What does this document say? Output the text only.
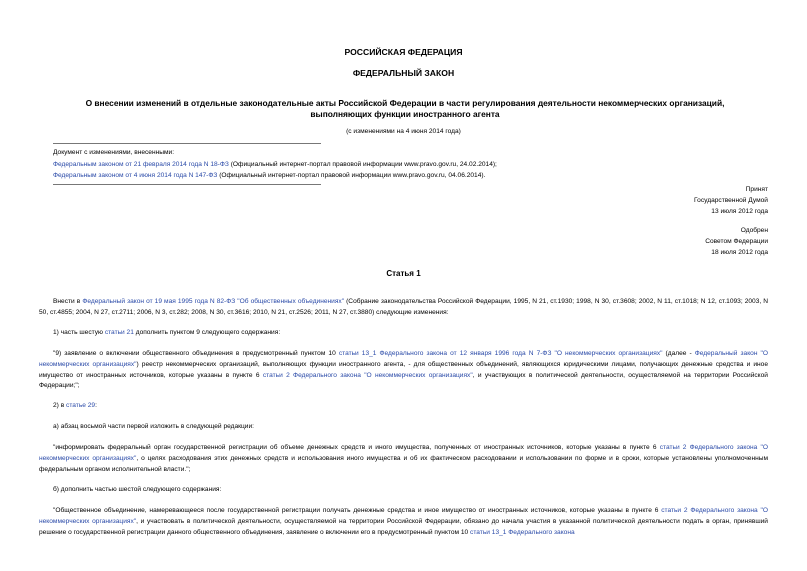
РОССИЙСКАЯ ФЕДЕРАЦИЯ
ФЕДЕРАЛЬНЫЙ ЗАКОН
О внесении изменений в отдельные законодательные акты Российской Федерации в части регулирования деятельности некоммерческих организаций, выполняющих функции иностранного агента
(с изменениями на 4 июня 2014 года)
Документ с изменениями, внесенными:
Федеральным законом от 21 февраля 2014 года N 18-ФЗ (Официальный интернет-портал правовой информации www.pravo.gov.ru, 24.02.2014);
Федеральным законом от 4 июня 2014 года N 147-ФЗ (Официальный интернет-портал правовой информации www.pravo.gov.ru, 04.06.2014).
Принят
Государственной Думой
13 июля 2012 года
Одобрен
Советом Федерации
18 июля 2012 года
Статья 1
Внести в Федеральный закон от 19 мая 1995 года N 82-ФЗ "Об общественных объединениях" (Собрание законодательства Российской Федерации, 1995, N 21, ст.1930; 1998, N 30, ст.3608; 2002, N 11, ст.1018; N 12, ст.1093; 2003, N 50, ст.4855; 2004, N 27, ст.2711; 2006, N 3, ст.282; 2008, N 30, ст.3616; 2010, N 21, ст.2526; 2011, N 27, ст.3880) следующие изменения:
1) часть шестую статьи 21 дополнить пунктом 9 следующего содержания:
"9) заявление о включении общественного объединения в предусмотренный пунктом 10 статьи 13_1 Федерального закона от 12 января 1996 года N 7-ФЗ "О некоммерческих организациях" (далее - Федеральный закон "О некоммерческих организациях") реестр некоммерческих организаций, выполняющих функции иностранного агента, - для общественных объединений, являющихся юридическими лицами, получающих денежные средства и иное имущество от иностранных источников, которые указаны в пункте 6 статьи 2 Федерального закона "О некоммерческих организациях", и участвующих в политической деятельности, осуществляемой на территории Российской Федерации;";
2) в статье 29:
а) абзац восьмой части первой изложить в следующей редакции:
"информировать федеральный орган государственной регистрации об объеме денежных средств и иного имущества, полученных от иностранных источников, которые указаны в пункте 6 статьи 2 Федерального закона "О некоммерческих организациях", о целях расходования этих денежных средств и использования иного имущества и об их фактическом расходовании и использовании по форме и в сроки, которые установлены уполномоченным федеральным органом исполнительной власти.";
б) дополнить частью шестой следующего содержания:
"Общественное объединение, намеревающееся после государственной регистрации получать денежные средства и иное имущество от иностранных источников, которые указаны в пункте 6 статьи 2 Федерального закона "О некоммерческих организациях", и участвовать в политической деятельности, осуществляемой на территории Российской Федерации, обязано до начала участия в указанной политической деятельности подать в орган, принявший решение о государственной регистрации данного общественного объединения, заявление о включении его в предусмотренный пунктом 10 статьи 13_1 Федерального закона
